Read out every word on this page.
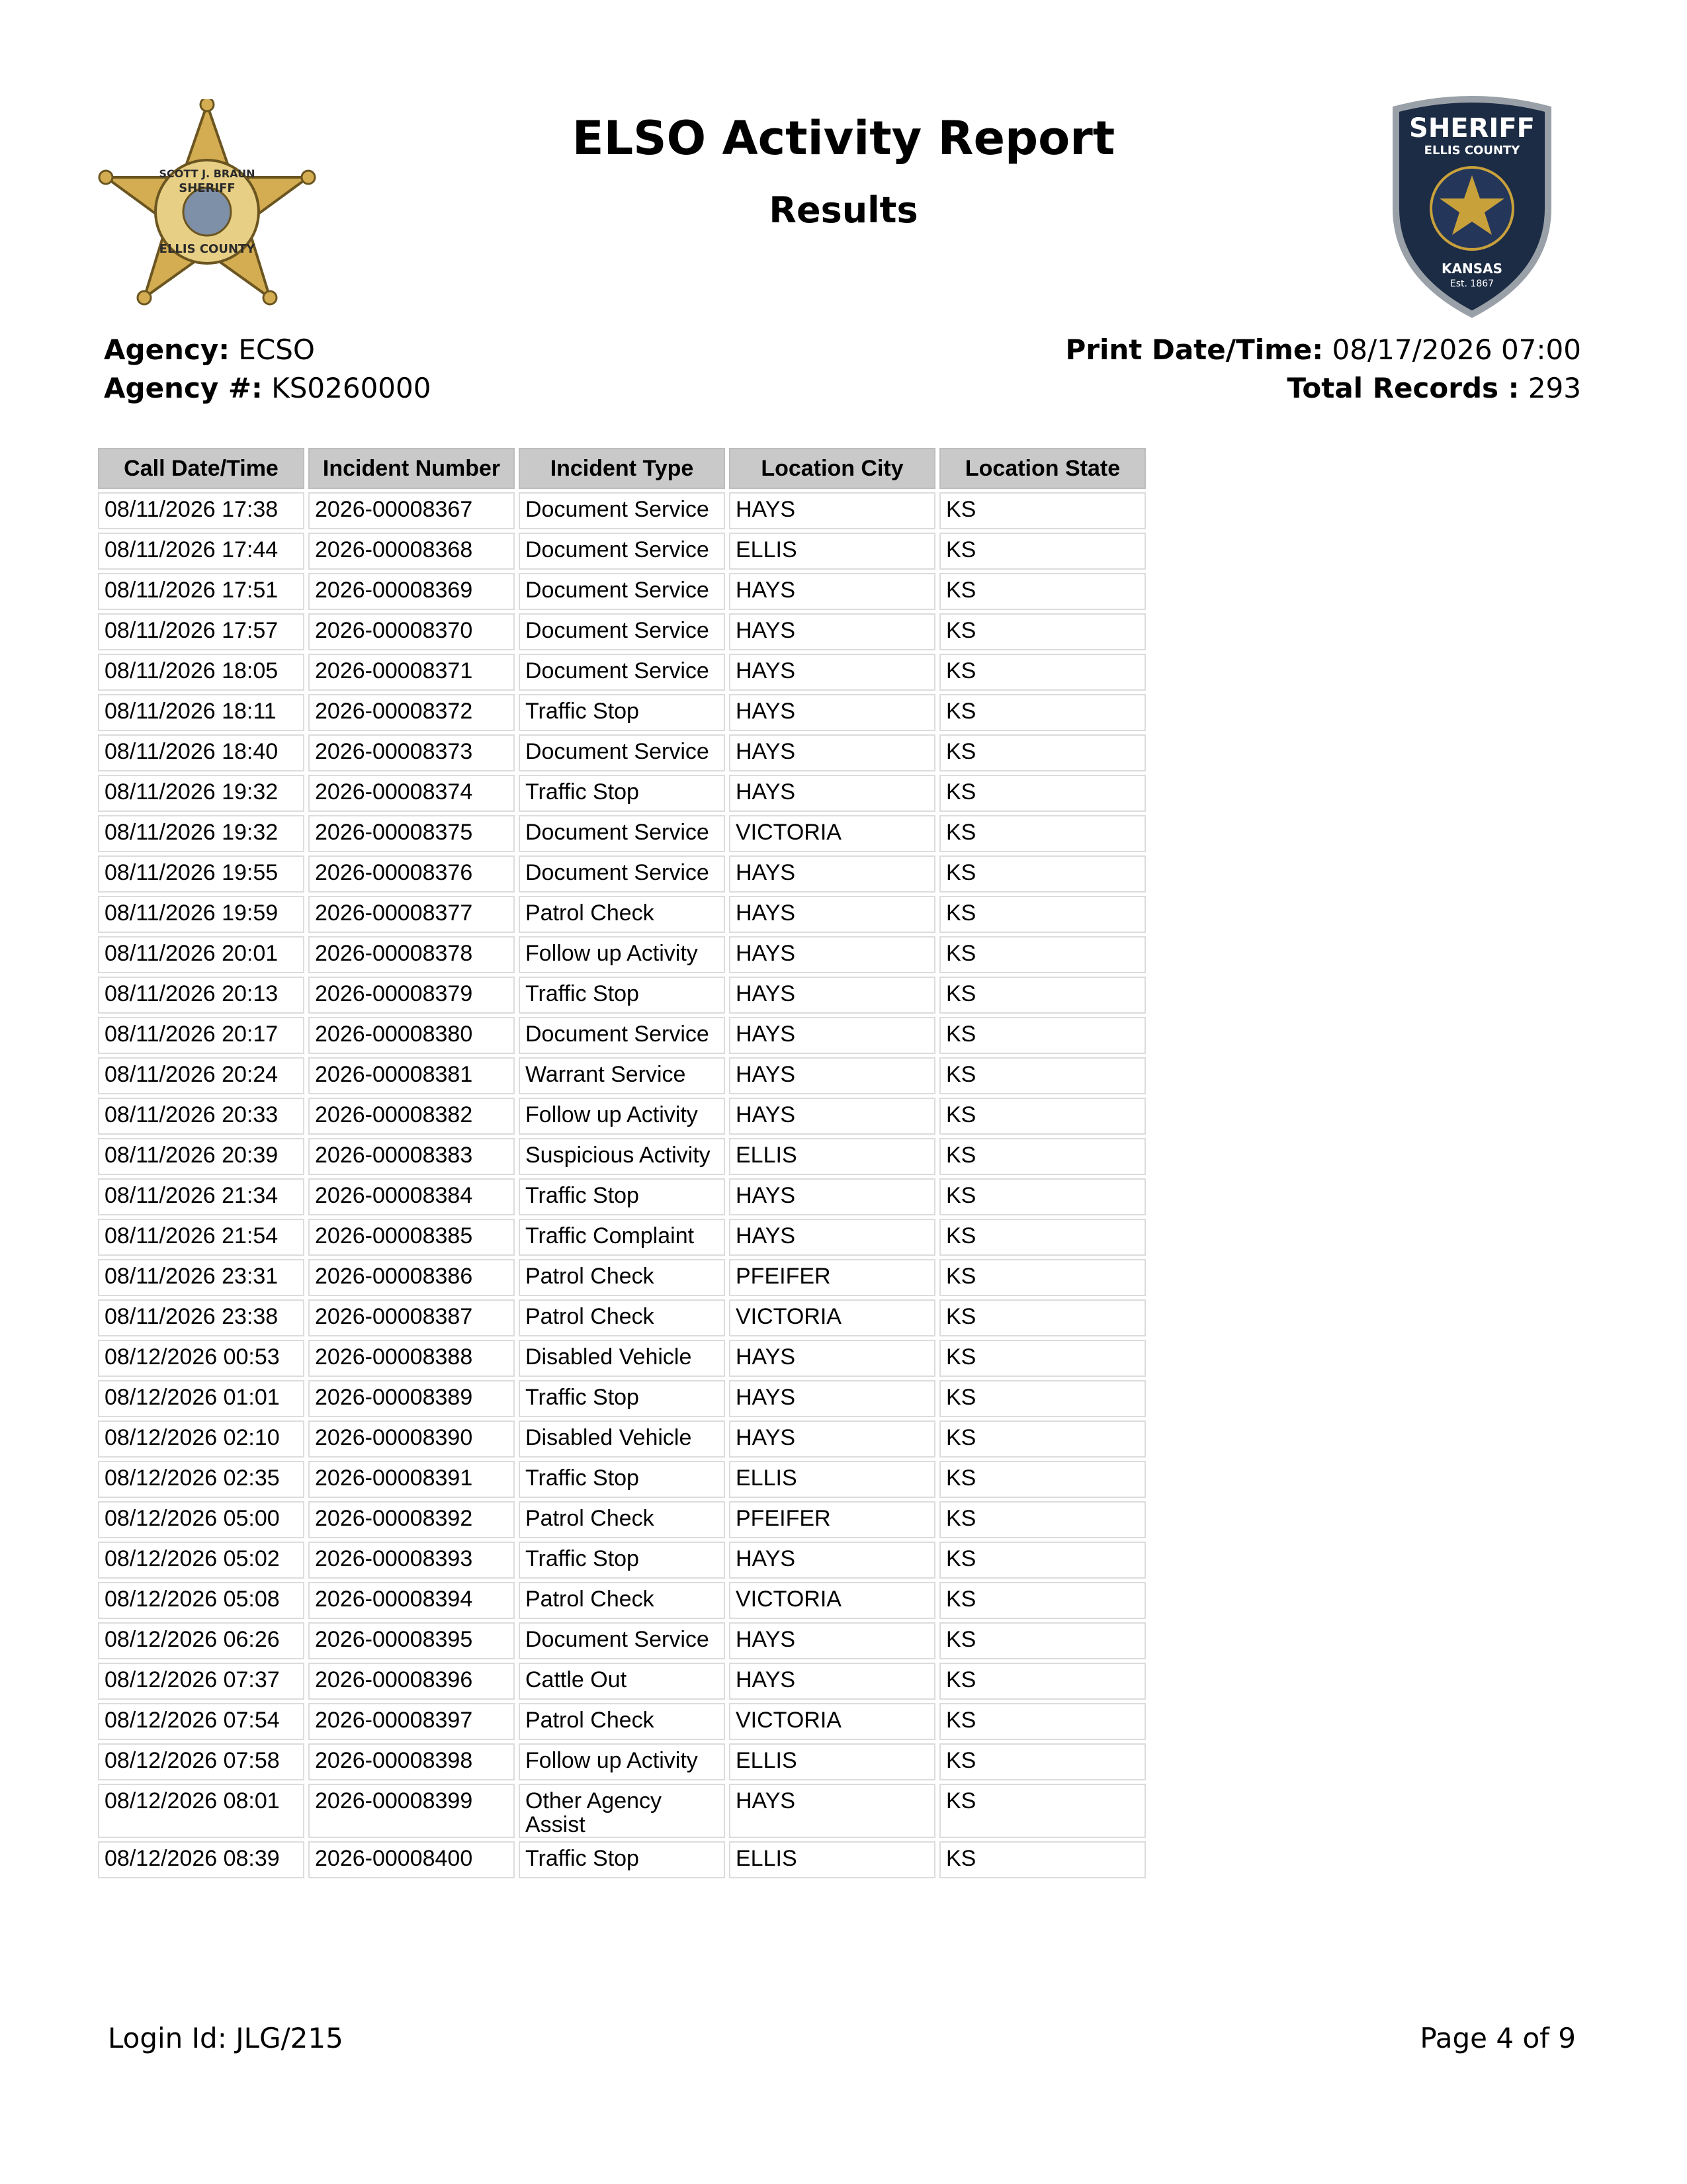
SCOTT J. BRAUN
SHERIFF
ELLIS COUNTY
SHERIFF
ELLIS COUNTY
KANSAS
Est. 1867
ELSO Activity Report
Results
Agency: ECSO
Agency #: KS0260000
Print Date/Time: 08/17/2026 07:00
Total Records : 293
Call Date/Time	Incident Number	Incident Type	Location City	Location State
08/11/2026 17:38	2026-00008367	Document Service	HAYS	KS
08/11/2026 17:44	2026-00008368	Document Service	ELLIS	KS
08/11/2026 17:51	2026-00008369	Document Service	HAYS	KS
08/11/2026 17:57	2026-00008370	Document Service	HAYS	KS
08/11/2026 18:05	2026-00008371	Document Service	HAYS	KS
08/11/2026 18:11	2026-00008372	Traffic Stop	HAYS	KS
08/11/2026 18:40	2026-00008373	Document Service	HAYS	KS
08/11/2026 19:32	2026-00008374	Traffic Stop	HAYS	KS
08/11/2026 19:32	2026-00008375	Document Service	VICTORIA	KS
08/11/2026 19:55	2026-00008376	Document Service	HAYS	KS
08/11/2026 19:59	2026-00008377	Patrol Check	HAYS	KS
08/11/2026 20:01	2026-00008378	Follow up Activity	HAYS	KS
08/11/2026 20:13	2026-00008379	Traffic Stop	HAYS	KS
08/11/2026 20:17	2026-00008380	Document Service	HAYS	KS
08/11/2026 20:24	2026-00008381	Warrant Service	HAYS	KS
08/11/2026 20:33	2026-00008382	Follow up Activity	HAYS	KS
08/11/2026 20:39	2026-00008383	Suspicious Activity	ELLIS	KS
08/11/2026 21:34	2026-00008384	Traffic Stop	HAYS	KS
08/11/2026 21:54	2026-00008385	Traffic Complaint	HAYS	KS
08/11/2026 23:31	2026-00008386	Patrol Check	PFEIFER	KS
08/11/2026 23:38	2026-00008387	Patrol Check	VICTORIA	KS
08/12/2026 00:53	2026-00008388	Disabled Vehicle	HAYS	KS
08/12/2026 01:01	2026-00008389	Traffic Stop	HAYS	KS
08/12/2026 02:10	2026-00008390	Disabled Vehicle	HAYS	KS
08/12/2026 02:35	2026-00008391	Traffic Stop	ELLIS	KS
08/12/2026 05:00	2026-00008392	Patrol Check	PFEIFER	KS
08/12/2026 05:02	2026-00008393	Traffic Stop	HAYS	KS
08/12/2026 05:08	2026-00008394	Patrol Check	VICTORIA	KS
08/12/2026 06:26	2026-00008395	Document Service	HAYS	KS
08/12/2026 07:37	2026-00008396	Cattle Out	HAYS	KS
08/12/2026 07:54	2026-00008397	Patrol Check	VICTORIA	KS
08/12/2026 07:58	2026-00008398	Follow up Activity	ELLIS	KS
08/12/2026 08:01	2026-00008399	Other Agency Assist	HAYS	KS
08/12/2026 08:39	2026-00008400	Traffic Stop	ELLIS	KS
Login Id: JLG/215	Page 4 of 9
